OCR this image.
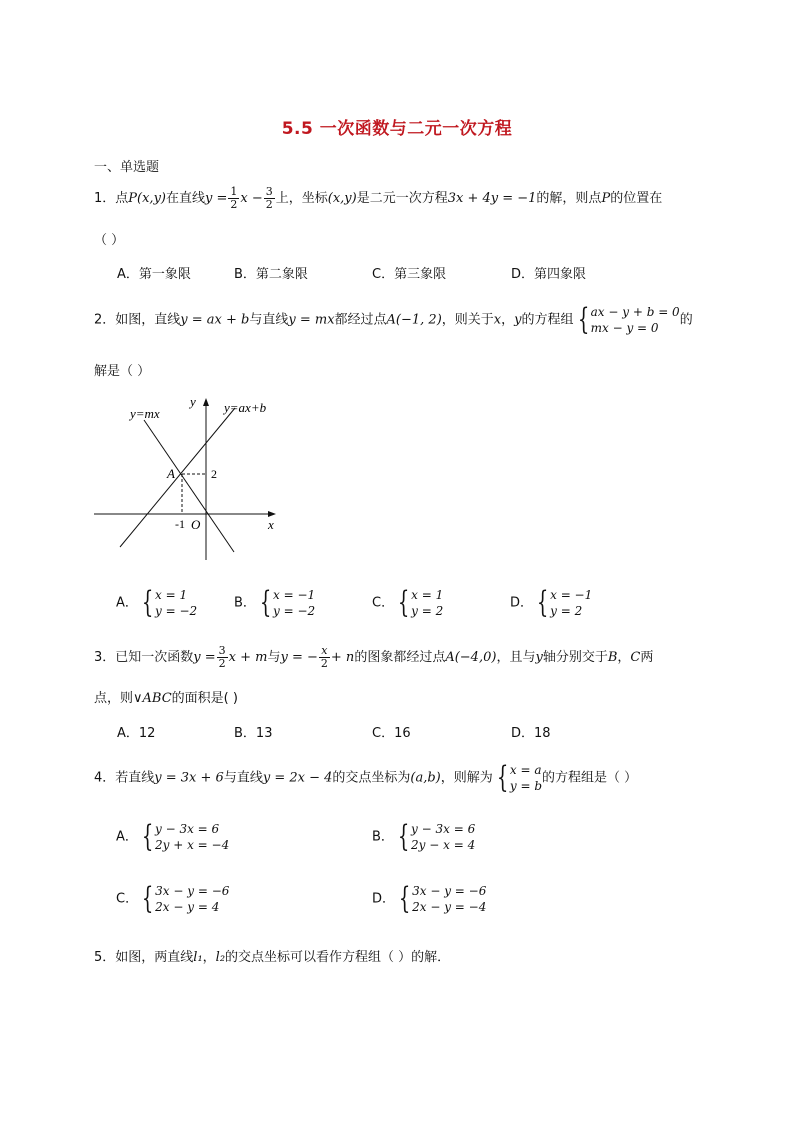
5.5 一次函数与二元一次方程
一、单选题
1．点P(x,y)在直线$y = \frac{1}{2}$ $x - \frac{3}{2}$ 上，坐标(x,y)是二元一次方程3x + 4y = −1的解，则点P的位置在
（ ）
A．第一象限	B．第二象限	C．第三象限	D．第四象限
2．如图，直线y = ax + b与直线y = mx都经过点A(−1, 2)，则关于x，y的方程组 { ax − y + b = 0
mx − y = 0
的
解是（ ）
y=mx	y=ax+b
y
x
A	2
-1 O
A． { x = 1
y = −2
B． { x = −1
y = −2
C． { x = 1
y = 2
D． { x = −1
y = 2
3．已知一次函数$y = \frac{3}{2}$ x + m与y = − $\frac{x}{2} + n$的图象都经过点A(−4,0)，且与y轴分别交于B，C两
点，则∨ABC的面积是( )
A．12	B．13	C．16	D．18
4．若直线y = 3x + 6与直线y = 2x − 4的交点坐标为(a,b)，则解为 { x = a
y = b
的方程组是（ ）
A． { y − 3x = 6
2y + x = −4
B． { y − 3x = 6
2y − x = 4
C． { 3x − y = −6
2x − y = 4
D． { 3x − y = −6
2x − y = −4
5．如图，两直线l₁，l₂的交点坐标可以看作方程组（ ）的解．
